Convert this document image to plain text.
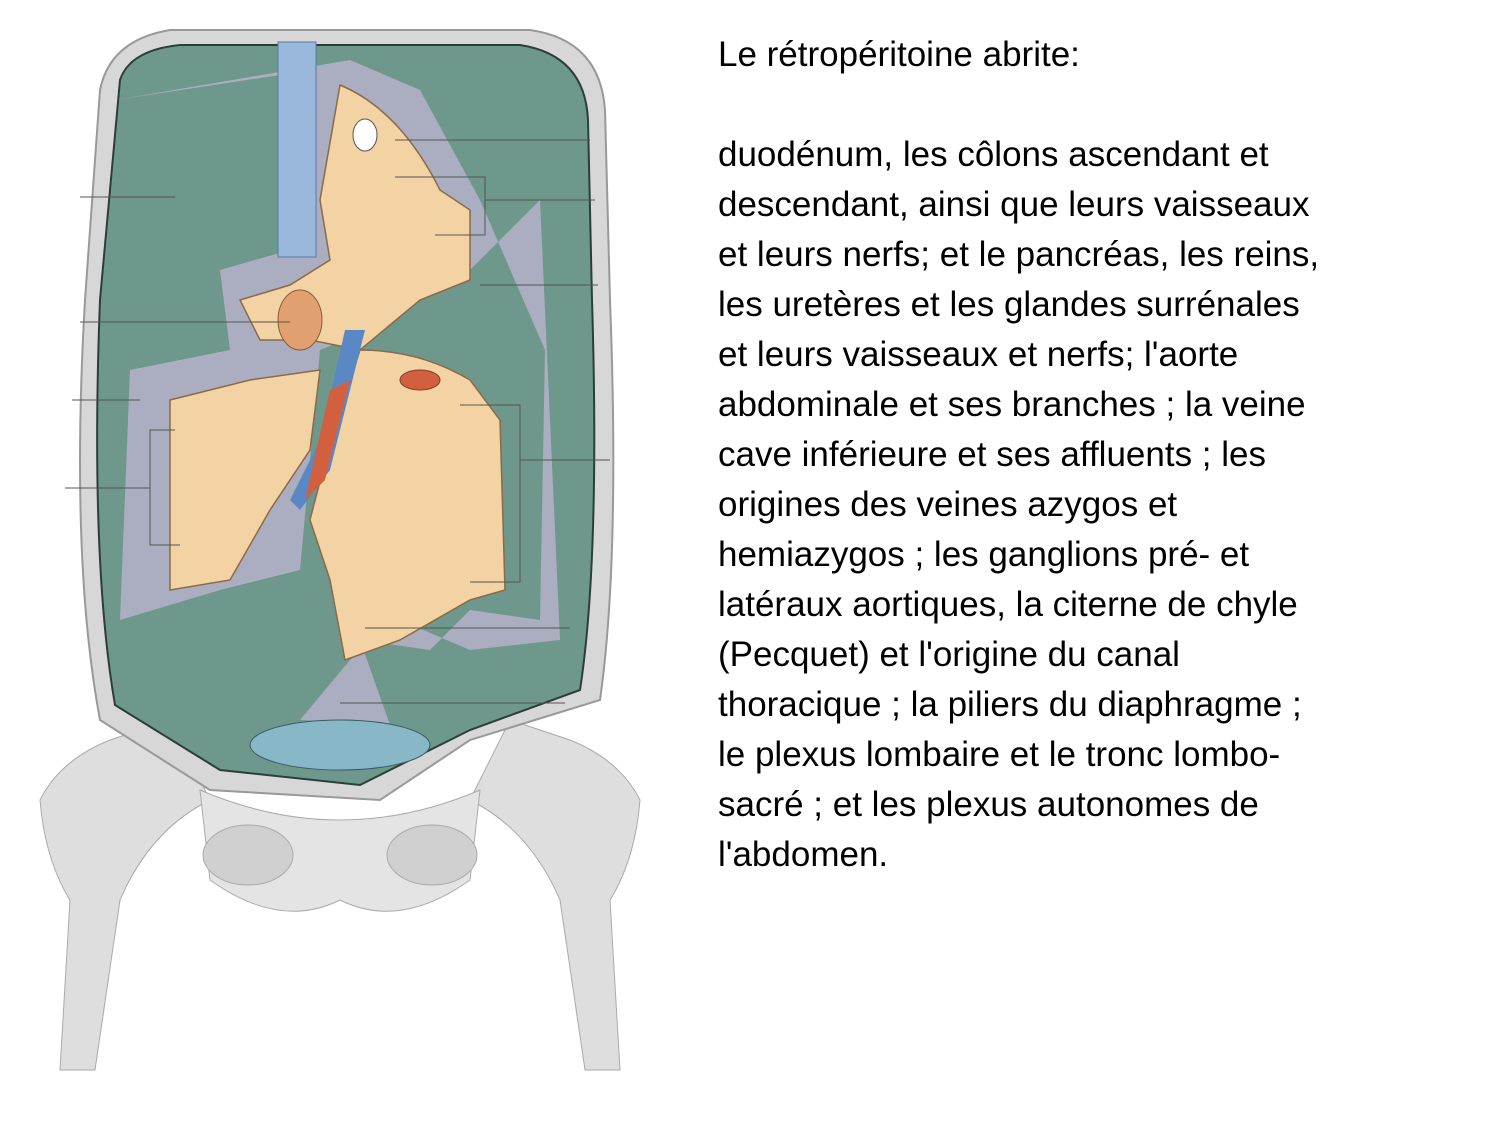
Le rétropéritoine abrite:
duodénum, les côlons ascendant et
descendant, ainsi que leurs vaisseaux
et leurs nerfs; et le pancréas, les reins,
les uretères et les glandes surrénales
et leurs vaisseaux et nerfs; l'aorte
abdominale et ses branches ; la veine
cave inférieure et ses affluents ; les
origines des veines azygos et
hemiazygos ; les ganglions pré- et
latéraux aortiques, la citerne de chyle
(Pecquet) et l'origine du canal
thoracique ; la piliers du diaphragme ;
le plexus lombaire et le tronc lombo-
sacré ; et les plexus autonomes de
l'abdomen.
